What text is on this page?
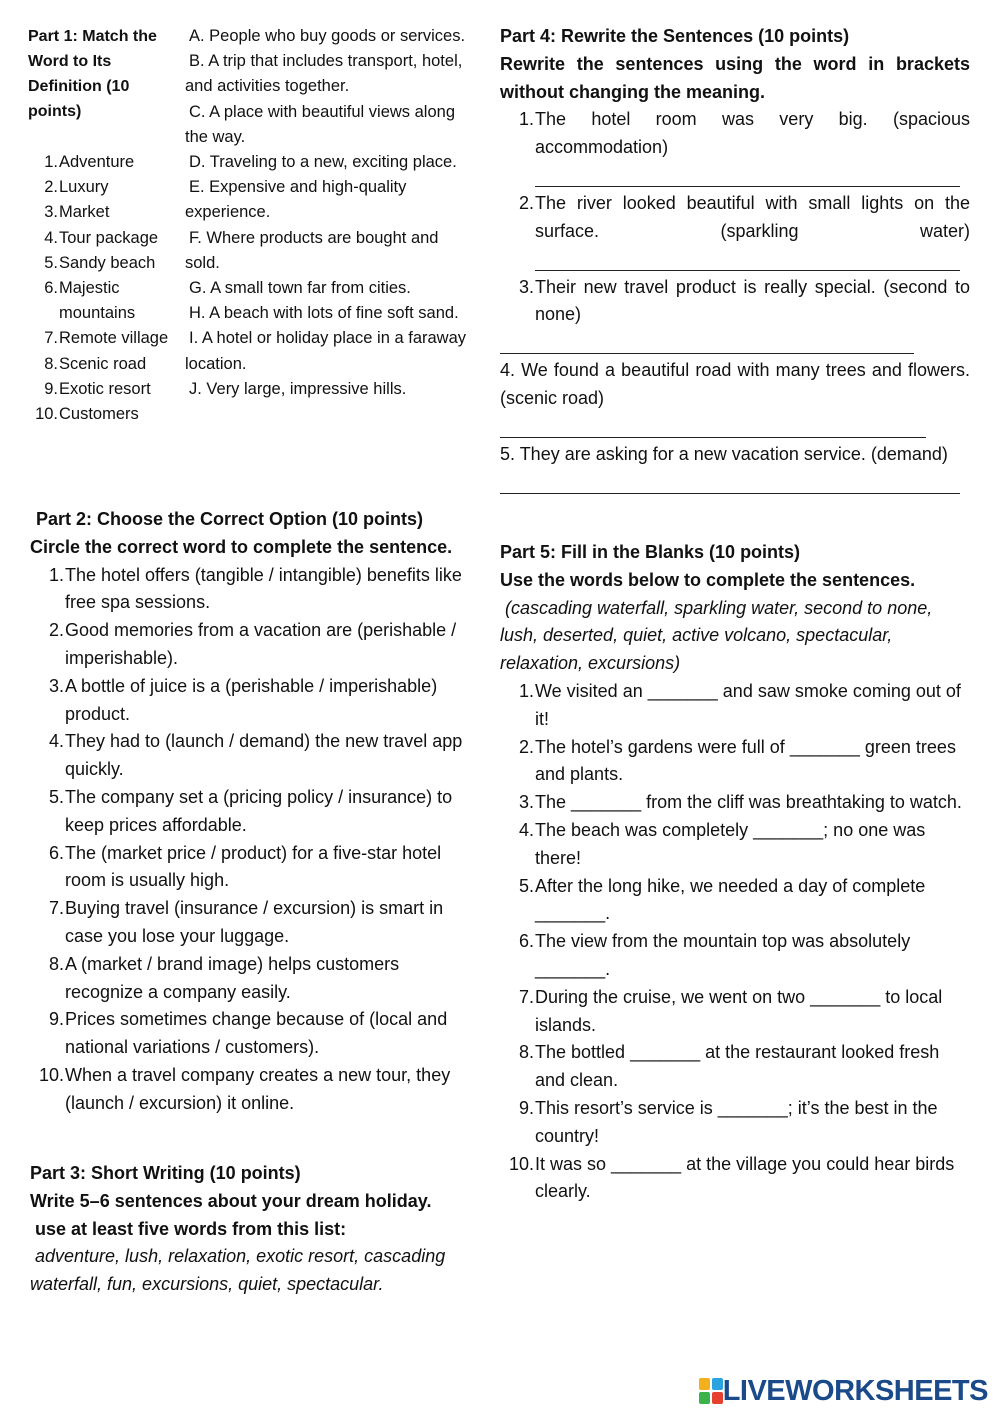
Part 1: Match the Word to Its Definition (10 points)
1. Adventure
2. Luxury
3. Market
4. Tour package
5. Sandy beach
6. Majestic mountains
7. Remote village
8. Scenic road
9. Exotic resort
10. Customers
A. People who buy goods or services.
B. A trip that includes transport, hotel, and activities together.
C. A place with beautiful views along the way.
D. Traveling to a new, exciting place.
E. Expensive and high-quality experience.
F. Where products are bought and sold.
G. A small town far from cities.
H. A beach with lots of fine soft sand.
I. A hotel or holiday place in a faraway location.
J. Very large, impressive hills.
Part 2: Choose the Correct Option (10 points)
Circle the correct word to complete the sentence.
1. The hotel offers (tangible / intangible) benefits like free spa sessions.
2. Good memories from a vacation are (perishable / imperishable).
3. A bottle of juice is a (perishable / imperishable) product.
4. They had to (launch / demand) the new travel app quickly.
5. The company set a (pricing policy / insurance) to keep prices affordable.
6. The (market price / product) for a five-star hotel room is usually high.
7. Buying travel (insurance / excursion) is smart in case you lose your luggage.
8. A (market / brand image) helps customers recognize a company easily.
9. Prices sometimes change because of (local and national variations / customers).
10. When a travel company creates a new tour, they (launch / excursion) it online.
Part 3: Short Writing (10 points)
Write 5–6 sentences about your dream holiday.
use at least five words from this list:
adventure, lush, relaxation, exotic resort, cascading waterfall, fun, excursions, quiet, spectacular.
Part 4: Rewrite the Sentences (10 points)
Rewrite the sentences using the word in brackets without changing the meaning.
1. The hotel room was very big. (spacious accommodation)
2. The river looked beautiful with small lights on the surface. (sparkling water)
3. Their new travel product is really special. (second to none)
4. We found a beautiful road with many trees and flowers. (scenic road)
5. They are asking for a new vacation service. (demand)
Part 5: Fill in the Blanks (10 points)
Use the words below to complete the sentences.
(cascading waterfall, sparkling water, second to none, lush, deserted, quiet, active volcano, spectacular, relaxation, excursions)
1. We visited an _______ and saw smoke coming out of it!
2. The hotel’s gardens were full of _______ green trees and plants.
3. The _______ from the cliff was breathtaking to watch.
4. The beach was completely _______; no one was there!
5. After the long hike, we needed a day of complete _______.
6. The view from the mountain top was absolutely _______.
7. During the cruise, we went on two _______ to local islands.
8. The bottled _______ at the restaurant looked fresh and clean.
9. This resort’s service is _______; it’s the best in the country!
10. It was so _______ at the village you could hear birds clearly.
LIVEWORKSHEETS
